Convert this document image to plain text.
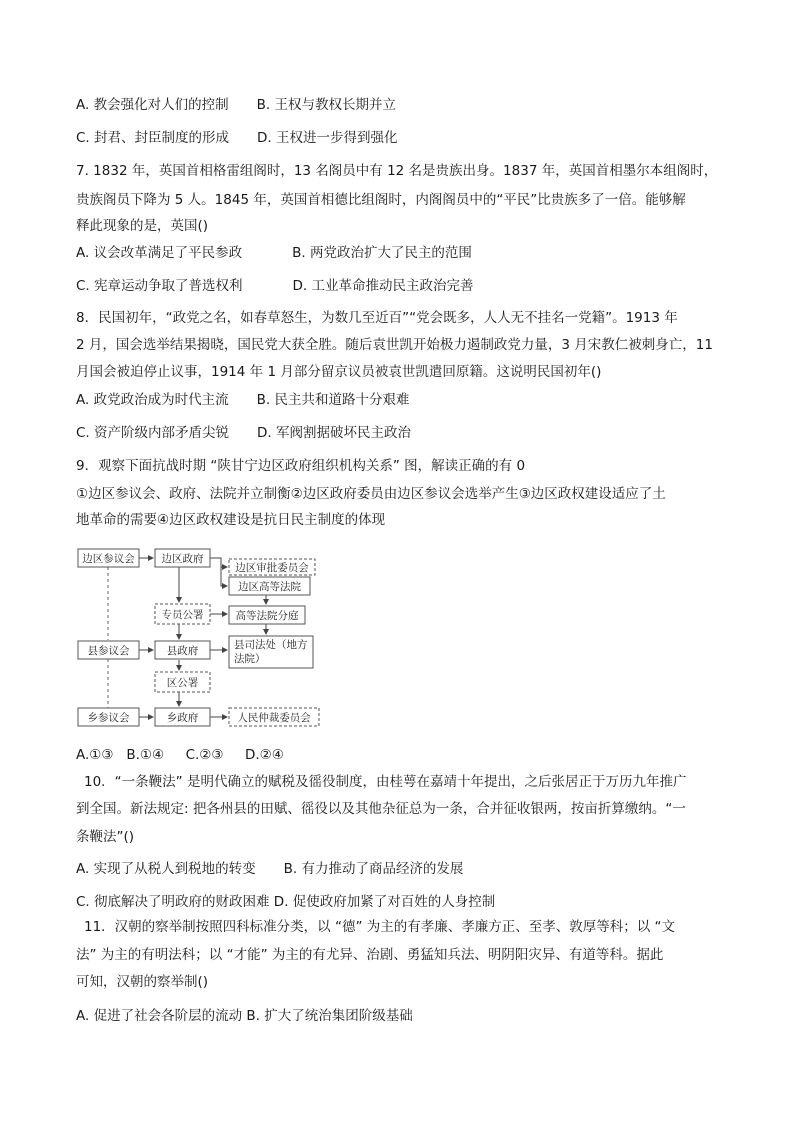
A. 教会强化对人们的控制 B. 王权与教权长期并立
C. 封君、封臣制度的形成 D. 王权进一步得到强化
7. 1832 年，英国首相格雷组阁时，13 名阁员中有 12 名是贵族出身。1837 年，英国首相墨尔本组阁时，
贵族阁员下降为 5 人。1845 年，英国首相德比组阁时，内阁阁员中的“平民”比贵族多了一倍。能够解
释此现象的是，英国()
A. 议会改革满足了平民参政	B. 两党政治扩大了民主的范围
C. 宪章运动争取了普选权利	D. 工业革命推动民主政治完善
8．民国初年，“政党之名，如春草怒生，为数几至近百”“党会既多，人人无不挂名一党籍”。1913 年
2 月，国会选举结果揭晓，国民党大获全胜。随后袁世凯开始极力遏制政党力量，3 月宋教仁被刺身亡，11
月国会被迫停止议事，1914 年 1 月部分留京议员被袁世凯遣回原籍。这说明民国初年()
A. 政党政治成为时代主流 B. 民主共和道路十分艰难
C. 资产阶级内部矛盾尖锐 D. 军阀割据破坏民主政治
9．观察下面抗战时期 “陕甘宁边区政府组织机构关系” 图，解读正确的有 0
①边区参议会、政府、法院并立制衡②边区政府委员由边区参议会选举产生③边区政权建设适应了土
地革命的需要④边区政权建设是抗日民主制度的体现
边区参议会	边区政府
边区审批委员会
边区高等法院
专员公署	高等法院分庭
县参议会	县政府	县司法处（地方
法院）
区公署
乡参议会	乡政府	人民仲裁委员会
A.①③   B.①④     C.②③     D.②④
10．“一条鞭法” 是明代确立的赋税及徭役制度，由桂萼在嘉靖十年提出，之后张居正于万历九年推广
到全国。新法规定: 把各州县的田赋、徭役以及其他杂征总为一条，合并征收银两，按亩折算缴纳。“一
条鞭法”()
A. 实现了从税人到税地的转变 B. 有力推动了商品经济的发展
C. 彻底解决了明政府的财政困难 D. 促使政府加紧了对百姓的人身控制
11．汉朝的察举制按照四科标准分类，以 “德” 为主的有孝廉、孝廉方正、至孝、敦厚等科；以 “文
法” 为主的有明法科；以 “才能” 为主的有尤异、治剧、勇猛知兵法、明阴阳灾异、有道等科。据此
可知，汉朝的察举制()
A. 促进了社会各阶层的流动 B. 扩大了统治集团阶级基础
